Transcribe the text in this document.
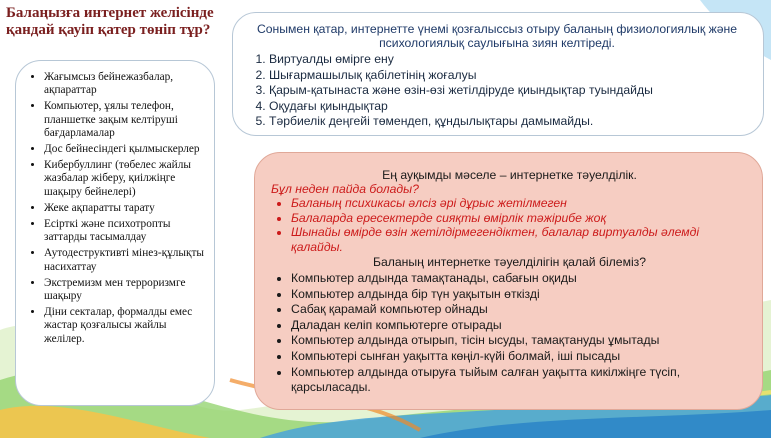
Балаңызға интернет желісінде қандай қауіп қатер төніп тұр?
• Жағымсыз бейнежазбалар, ақпараттар
• Компьютер, ұялы телефон, планшетке зақым келтіруші бағдарламалар
• Дос бейнесіндегі қылмыскерлер
• Кибербуллинг (төбелес жайлы жазбалар жіберу, қиілжіңге шақыру бейнелері)
• Жеке ақпаратты тарату
• Есірткі және психотропты заттарды тасымалдау
• Аутодеструктивті мінез-құлықты насихаттау
• Экстремизм мен терроризмге шақыру
• Діни секталар, формалды емес жастар қозғалысы жайлы желілер.

Сонымен қатар, интернетте үнемі қозғалыссыз отыру баланың физиологиялық және психологиялық саулығына зиян келтіреді.

1. Виртуалды өмірге ену
2. Шығармашылық қабілетінің жоғалуы
3. Қарым-қатынаста және өзін-өзі жетілдіруде қиындықтар туындайды
4. Оқудағы қиындықтар
5. Тәрбиелік деңгейі төмендеп, құндылықтары дамымайды.

Ең ауқымды мәселе – интернетке тәуелділік.

Бұл неден пайда болады?

• Баланың психикасы әлсіз әрі дұрыс жетілмеген
• Балаларда ересектерде сияқты өмірлік тәжірибе жоқ
• Шынайы өмірде өзін жетілдірмегендіктен, балалар виртуалды әлемді қалайды.

Баланың интернетке тәуелділігін қалай білеміз?

• Компьютер алдында тамақтанады, сабағын оқиды
• Компьютер алдында бір түн уақытын өткізді
• Сабақ қарамай компьютер ойнады
• Даладан келіп компьютерге отырады
• Компьютер алдында отырып, тісін ысуды, тамақтануды ұмытады
• Компьютері сынған уақытта көңіл-күйі болмай, іші пысады
• Компьютер алдында отыруға тыйым салған уақытта кикілжіңге түсіп, қарсыласады.
